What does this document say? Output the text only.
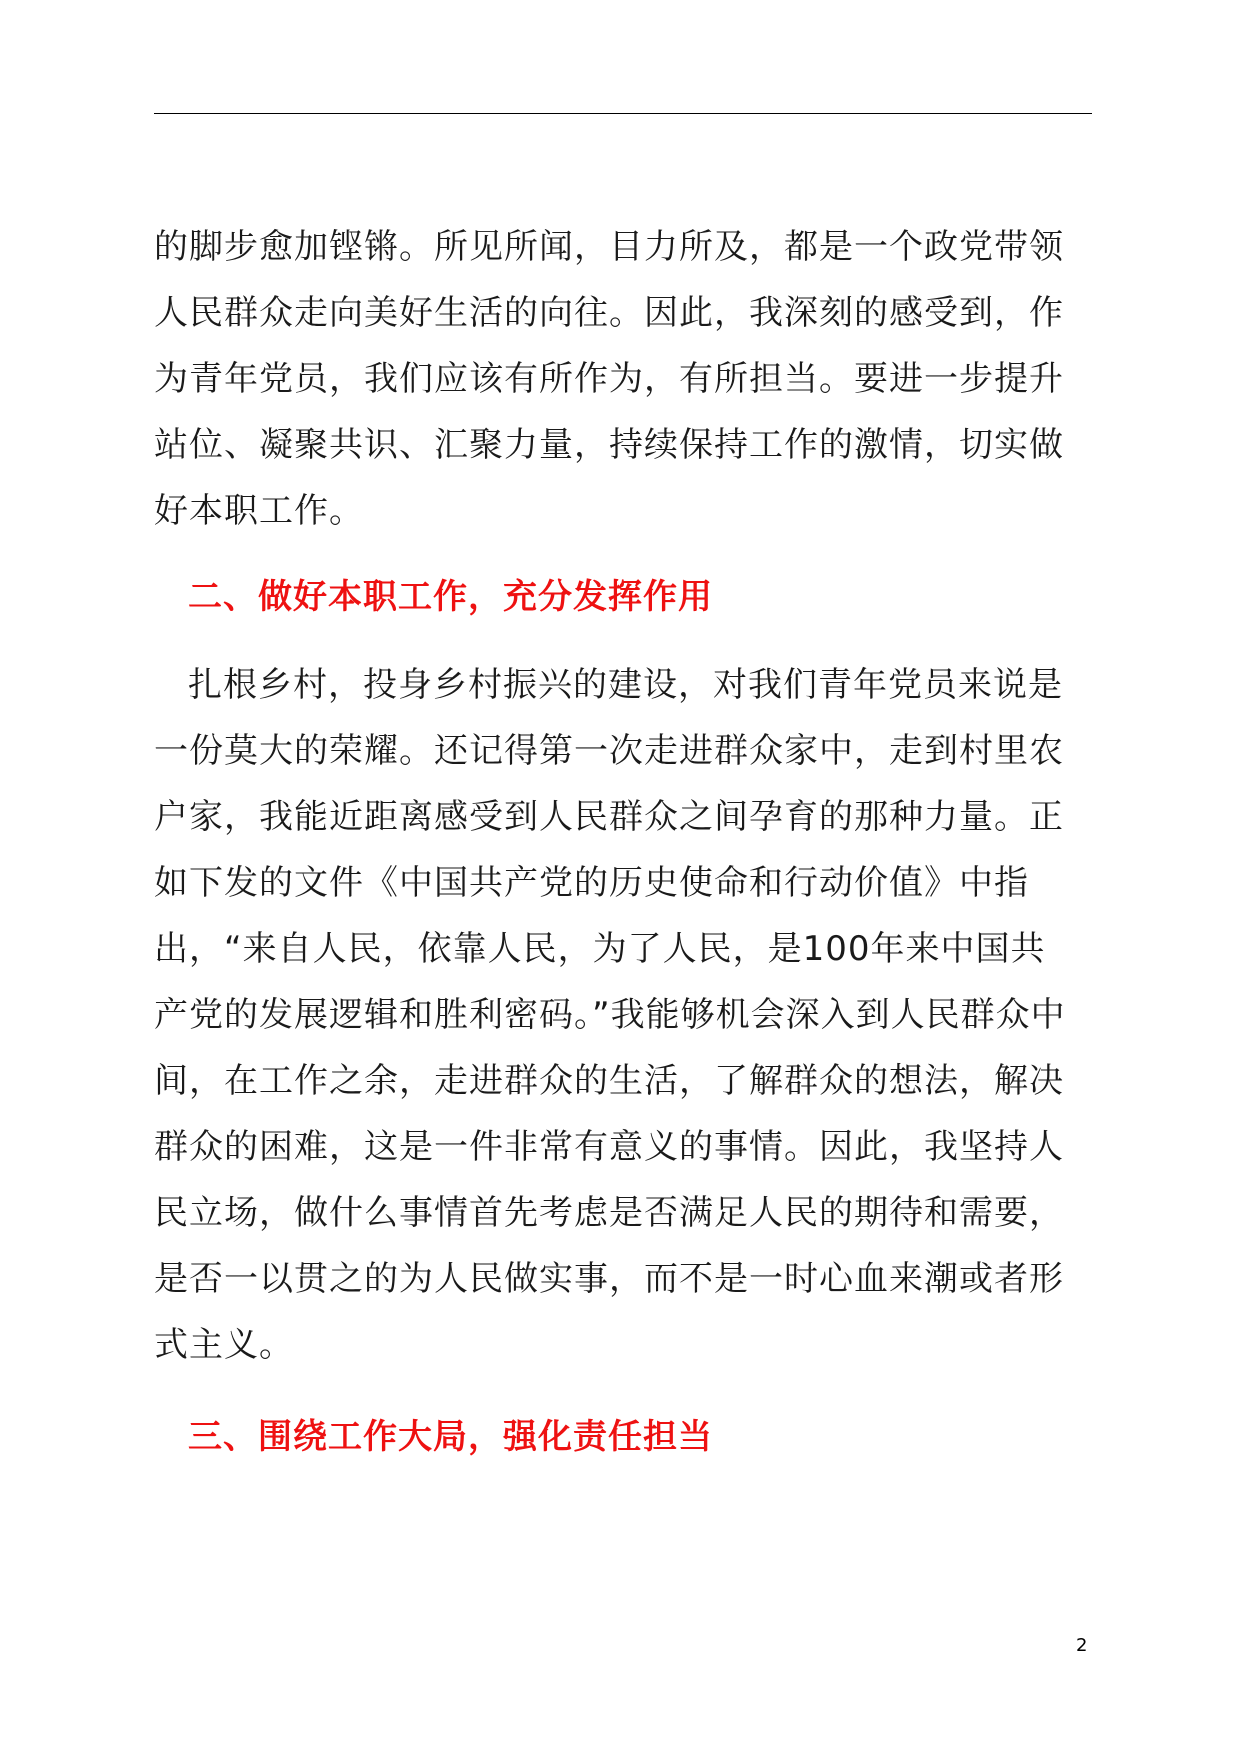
的脚步愈加铿锵。所见所闻，目力所及，都是一个政党带领人民群众走向美好生活的向往。因此，我深刻的感受到，作为青年党员，我们应该有所作为，有所担当。要进一步提升站位、凝聚共识、汇聚力量，持续保持工作的激情，切实做好本职工作。

二、做好本职工作，充分发挥作用

扎根乡村，投身乡村振兴的建设，对我们青年党员来说是一份莫大的荣耀。还记得第一次走进群众家中，走到村里农户家，我能近距离感受到人民群众之间孕育的那种力量。正如下发的文件《中国共产党的历史使命和行动价值》中指出，“来自人民，依靠人民，为了人民，是100年来中国共产党的发展逻辑和胜利密码。”我能够机会深入到人民群众中间，在工作之余，走进群众的生活，了解群众的想法，解决群众的困难，这是一件非常有意义的事情。因此，我坚持人民立场，做什么事情首先考虑是否满足人民的期待和需要，是否一以贯之的为人民做实事，而不是一时心血来潮或者形式主义。

三、围绕工作大局，强化责任担当

2
